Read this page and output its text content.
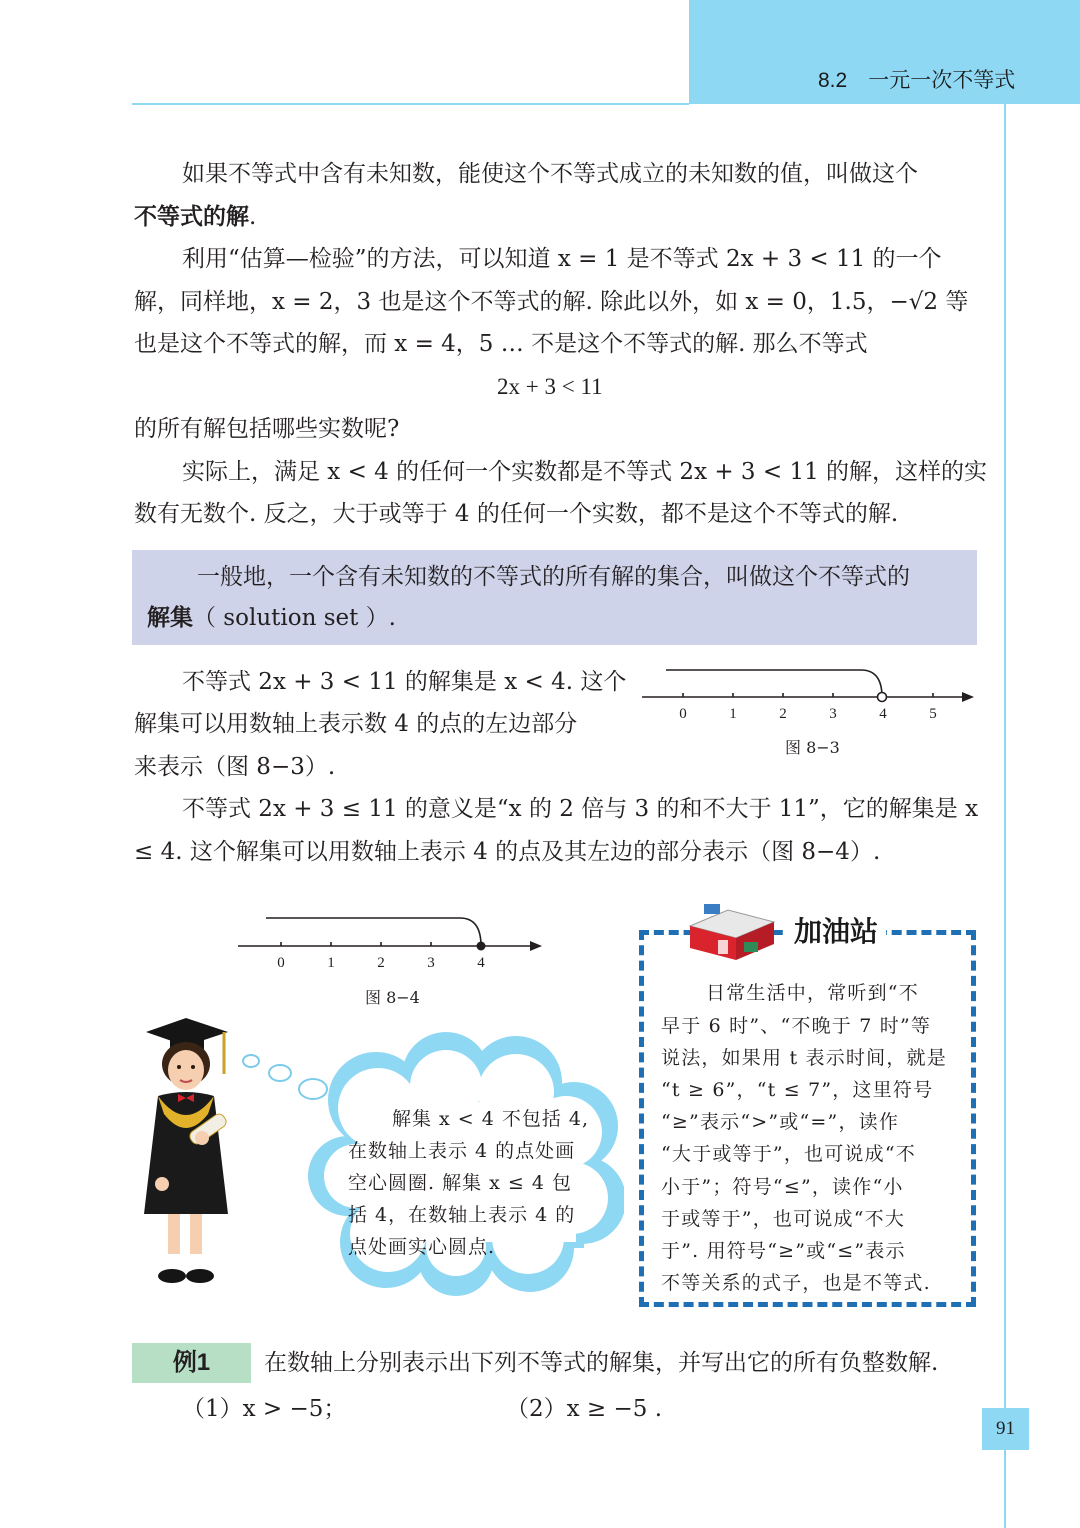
8.2　一元一次不等式
如果不等式中含有未知数，能使这个不等式成立的未知数的值，叫做这个
不等式的解.
利用“估算—检验”的方法，可以知道 x = 1 是不等式 2x + 3 < 11 的一个
解，同样地，x = 2，3 也是这个不等式的解. 除此以外，如 x = 0，1.5，−√2 等
也是这个不等式的解，而 x = 4，5 … 不是这个不等式的解. 那么不等式
2x + 3 < 11
的所有解包括哪些实数呢?
实际上，满足 x < 4 的任何一个实数都是不等式 2x + 3 < 11 的解，这样的实
数有无数个. 反之，大于或等于 4 的任何一个实数，都不是这个不等式的解.
一般地，一个含有未知数的不等式的所有解的集合，叫做这个不等式的
解集（ solution set ）.
不等式 2x + 3 < 11 的解集是 x < 4. 这个
解集可以用数轴上表示数 4 的点的左边部分
来表示（图 8−3）.
0	1	2	3	4	5
图 8−3
不等式 2x + 3 ≤ 11 的意义是“x 的 2 倍与 3 的和不大于 11”，它的解集是 x
≤ 4. 这个解集可以用数轴上表示 4 的点及其左边的部分表示（图 8−4）.
0	1	2	3	4
图 8−4
解集 x < 4 不包括 4,
在数轴上表示 4 的点处画
空心圆圈. 解集 x ≤ 4 包
括 4，在数轴上表示 4 的
点处画实心圆点.
加油站
日常生活中，常听到“不
早于 6 时”、“不晚于 7 时”等
说法，如果用 t 表示时间，就是
“t ≥ 6”，“t ≤ 7”，这里符号
“≥”表示“>”或“=”，读作
“大于或等于”，也可说成“不
小于”；符号“≤”，读作“小
于或等于”，也可说成“不大
于”. 用符号“≥”或“≤”表示
不等关系的式子，也是不等式.
例1	在数轴上分别表示出下列不等式的解集，并写出它的所有负整数解.
（1）x > −5；	（2）x ≥ −5 .
91
